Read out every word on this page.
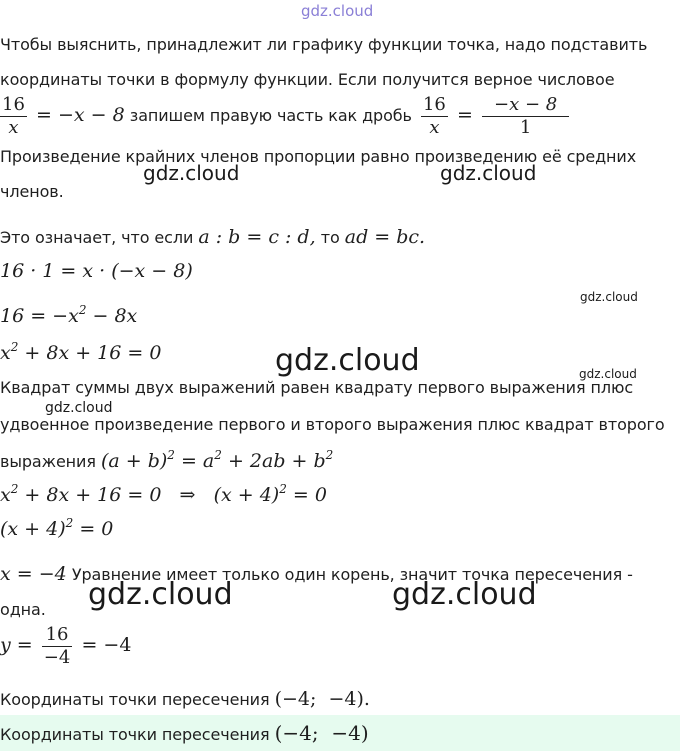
gdz.cloud
gdz.cloud	gdz.cloud
gdz.cloud
gdz.cloud	gdz.cloud
gdz.cloud
gdz.cloud	gdz.cloud
Чтобы выяснить, принадлежит ли графику функции точка, надо подставить
координаты точки в формулу функции. Если получится верное числовое
$\frac{16}{x} = -x - 8$ запишем правую часть как дробь $\frac{16}{x} = \frac{-x - 8}{1}$
Произведение крайних членов пропорции равно произведению её средних
членов.
Это означает, что если a : b = c : d, то ad = bc.
16 · 1 = x · (−x − 8)
$16 = -x^2 - 8x$
$x^2 + 8x + 16 = 0$
Квадрат суммы двух выражений равен квадрату первого выражения плюс
удвоенное произведение первого и второго выражения плюс квадрат второго
выражения $(a + b)^2 = a^2 + 2ab + b^2$
$x^2 + 8x + 16 = 0$   ⇒   $(x + 4)^2 = 0$
$(x + 4)^2 = 0$
x = −4 Уравнение имеет только один корень, значит точка пересечения -
одна.
$y = \frac{16}{-4} = -4$
Координаты точки пересечения (−4;  −4).
Координаты точки пересечения (−4;  −4)
